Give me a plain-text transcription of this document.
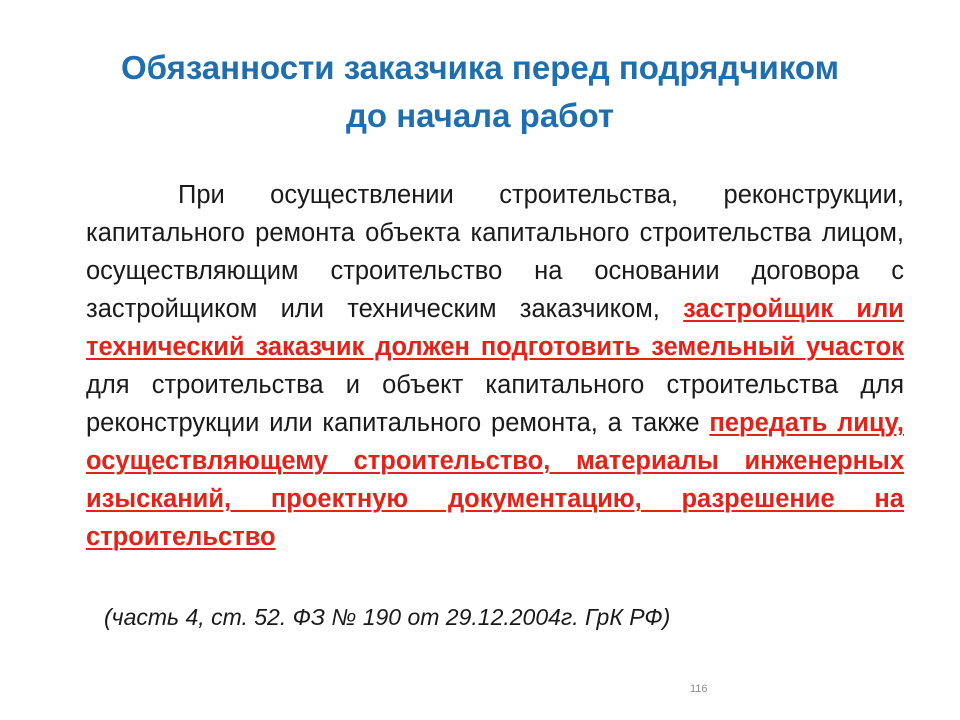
Обязанности заказчика перед подрядчиком
до начала работ

При осуществлении строительства, реконструкции, капитального ремонта объекта капитального строительства лицом, осуществляющим строительство на основании договора с застройщиком или техническим заказчиком, застройщик или технический заказчик должен подготовить земельный участок для строительства и объект капитального строительства для реконструкции или капитального ремонта, а также передать лицу, осуществляющему строительство, материалы инженерных изысканий, проектную документацию, разрешение на строительство

(часть 4, ст. 52. ФЗ № 190 от 29.12.2004г. ГрК РФ)
116
